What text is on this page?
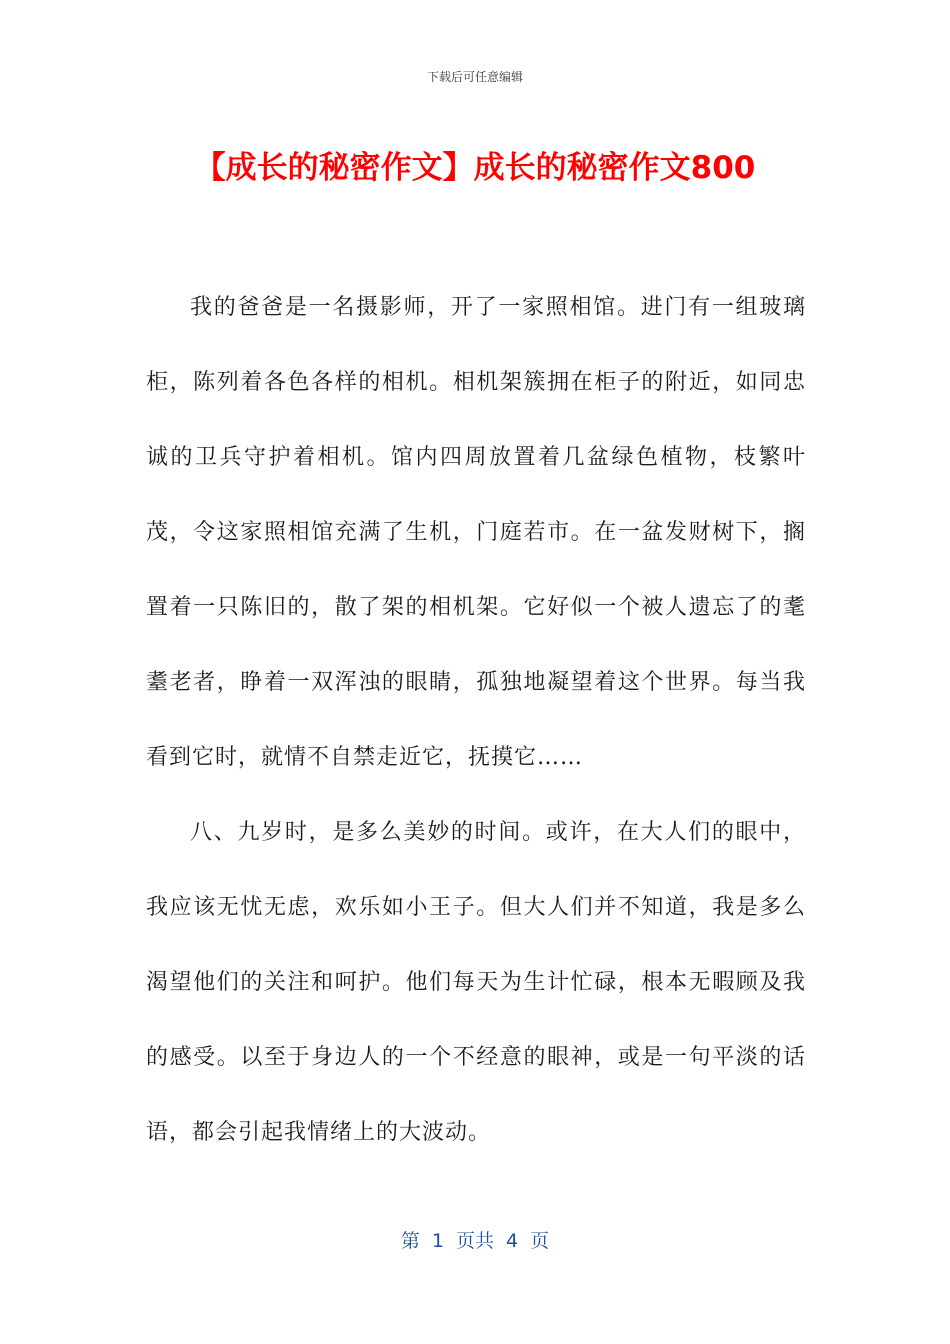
下载后可任意编辑
【成长的秘密作文】成长的秘密作文800

我的爸爸是一名摄影师，开了一家照相馆。进门有一组玻璃柜，陈列着各色各样的相机。相机架簇拥在柜子的附近，如同忠诚的卫兵守护着相机。馆内四周放置着几盆绿色植物，枝繁叶茂，令这家照相馆充满了生机，门庭若市。在一盆发财树下，搁置着一只陈旧的，散了架的相机架。它好似一个被人遗忘了的耄耋老者，睁着一双浑浊的眼睛，孤独地凝望着这个世界。每当我看到它时，就情不自禁走近它，抚摸它……

八、九岁时，是多么美妙的时间。或许，在大人们的眼中，我应该无忧无虑，欢乐如小王子。但大人们并不知道，我是多么渴望他们的关注和呵护。他们每天为生计忙碌，根本无暇顾及我的感受。以至于身边人的一个不经意的眼神，或是一句平淡的话语，都会引起我情绪上的大波动。

第 1 页共 4 页
